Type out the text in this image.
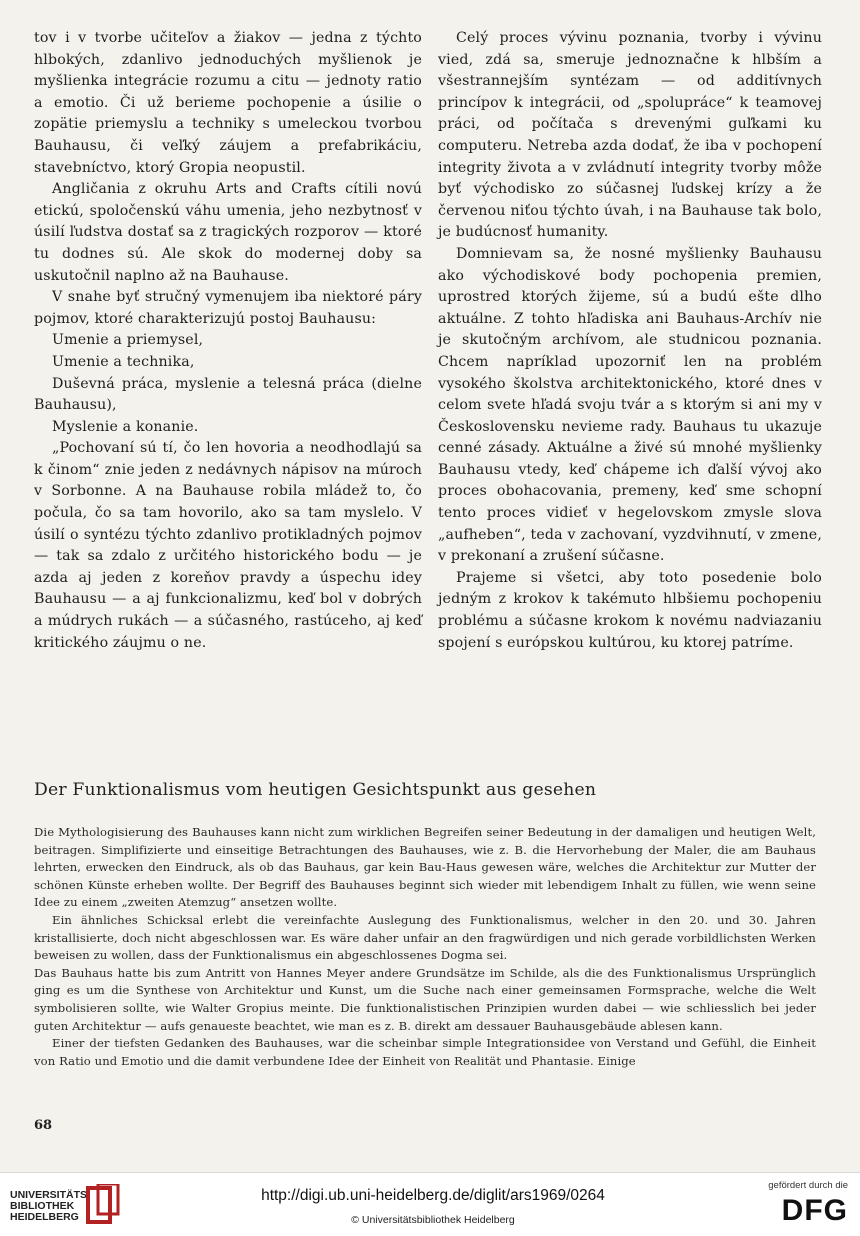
tov i v tvorbe učiteľov a žiakov — jedna z týchto hlbokých, zdanlivo jednoduchých myšlienok je myšlienka integrácie rozumu a citu — jednoty ratio a emotio. Či už berieme pochopenie a úsilie o zopätie priemyslu a techniky s umeleckou tvorbou Bauhausu, či veľký záujem a prefabrikáciu, stavebníctvo, ktorý Gropia neopustil.

Angličania z okruhu Arts and Crafts cítili novú etickú, spoločenskú váhu umenia, jeho nezbytnosť v úsilí ľudstva dostať sa z tragických rozporov — ktoré tu dodnes sú. Ale skok do modernej doby sa uskutočnil naplno až na Bauhause.

V snahe byť stručný vymenujem iba niektoré páry pojmov, ktoré charakterizujú postoj Bauhausu:

Umenie a priemysel,

Umenie a technika,

Duševná práca, myslenie a telesná práca (dielne Bauhausu),

Myslenie a konanie.

„Pochovaní sú tí, čo len hovoria a neodhodlajú sa k činom“ znie jeden z nedávnych nápisov na múroch v Sorbonne. A na Bauhause robila mládež to, čo počula, čo sa tam hovorilo, ako sa tam myslelo. V úsilí o syntézu týchto zdanlivo protikladných pojmov — tak sa zdalo z určitého historického bodu — je azda aj jeden z koreňov pravdy a úspechu idey Bauhausu — a aj funkcionalizmu, keď bol v dobrých a múdrych rukách — a súčasného, rastúceho, aj keď kritického záujmu o ne.

Celý proces vývinu poznania, tvorby i vývinu vied, zdá sa, smeruje jednoznačne k hlbším a všestrannejším syntézam — od additívnych princípov k integrácii, od „spolupráce“ k teamovej práci, od počítača s drevenými guľkami ku computeru. Netreba azda dodať, že iba v pochopení integrity života a v zvládnutí integrity tvorby môže byť východisko zo súčasnej ľudskej krízy a že červenou niťou týchto úvah, i na Bauhause tak bolo, je budúcnosť humanity.

Domnievam sa, že nosné myšlienky Bauhausu ako východiskové body pochopenia premien, uprostred ktorých žijeme, sú a budú ešte dlho aktuálne. Z tohto hľadiska ani Bauhaus-Archív nie je skutočným archívom, ale studnicou poznania. Chcem napríklad upozorniť len na problém vysokého školstva architektonického, ktoré dnes v celom svete hľadá svoju tvár a s ktorým si ani my v Československu nevieme rady. Bauhaus tu ukazuje cenné zásady. Aktuálne a živé sú mnohé myšlienky Bauhausu vtedy, keď chápeme ich ďalší vývoj ako proces obohacovania, premeny, keď sme schopní tento proces vidieť v hegelovskom zmysle slova „aufheben“, teda v zachovaní, vyzdvihnutí, v zmene, v prekonaní a zrušení súčasne.

Prajeme si všetci, aby toto posedenie bolo jedným z krokov k takémuto hlbšiemu pochopeniu problému a súčasne krokom k novému nadviazaniu spojení s európskou kultúrou, ku ktorej patríme.

Der Funktionalismus vom heutigen Gesichtspunkt aus gesehen

Die Mythologisierung des Bauhauses kann nicht zum wirklichen Begreifen seiner Bedeutung in der damaligen und heutigen Welt, beitragen. Simplifizierte und einseitige Betrachtungen des Bauhauses, wie z. B. die Hervorhebung der Maler, die am Bauhaus lehrten, erwecken den Eindruck, als ob das Bauhaus, gar kein Bau-Haus gewesen wäre, welches die Architektur zur Mutter der schönen Künste erheben wollte. Der Begriff des Bauhauses beginnt sich wieder mit lebendigem Inhalt zu füllen, wie wenn seine Idee zu einem „zweiten Atemzug“ ansetzen wollte.

Ein ähnliches Schicksal erlebt die vereinfachte Auslegung des Funktionalismus, welcher in den 20. und 30. Jahren kristallisierte, doch nicht abgeschlossen war. Es wäre daher unfair an den fragwürdigen und nich gerade vorbildlichsten Werken beweisen zu wollen, dass der Funktionalismus ein abgeschlossenes Dogma sei.

Das Bauhaus hatte bis zum Antritt von Hannes Meyer andere Grundsätze im Schilde, als die des Funktionalismus Ursprünglich ging es um die Synthese von Architektur und Kunst, um die Suche nach einer gemeinsamen Formsprache, welche die Welt symbolisieren sollte, wie Walter Gropius meinte. Die funktionalistischen Prinzipien wurden dabei — wie schliesslich bei jeder guten Architektur — aufs genaueste beachtet, wie man es z. B. direkt am dessauer Bauhausgebäude ablesen kann.

Einer der tiefsten Gedanken des Bauhauses, war die scheinbar simple Integrationsidee von Verstand und Gefühl, die Einheit von Ratio und Emotio und die damit verbundene Idee der Einheit von Realität und Phantasie. Einige

68
UNIVERSITÄTS-
BIBLIOTHEK
HEIDELBERG
http://digi.ub.uni-heidelberg.de/diglit/ars1969/0264
© Universitätsbibliothek Heidelberg
gefördert durch die
DFG
